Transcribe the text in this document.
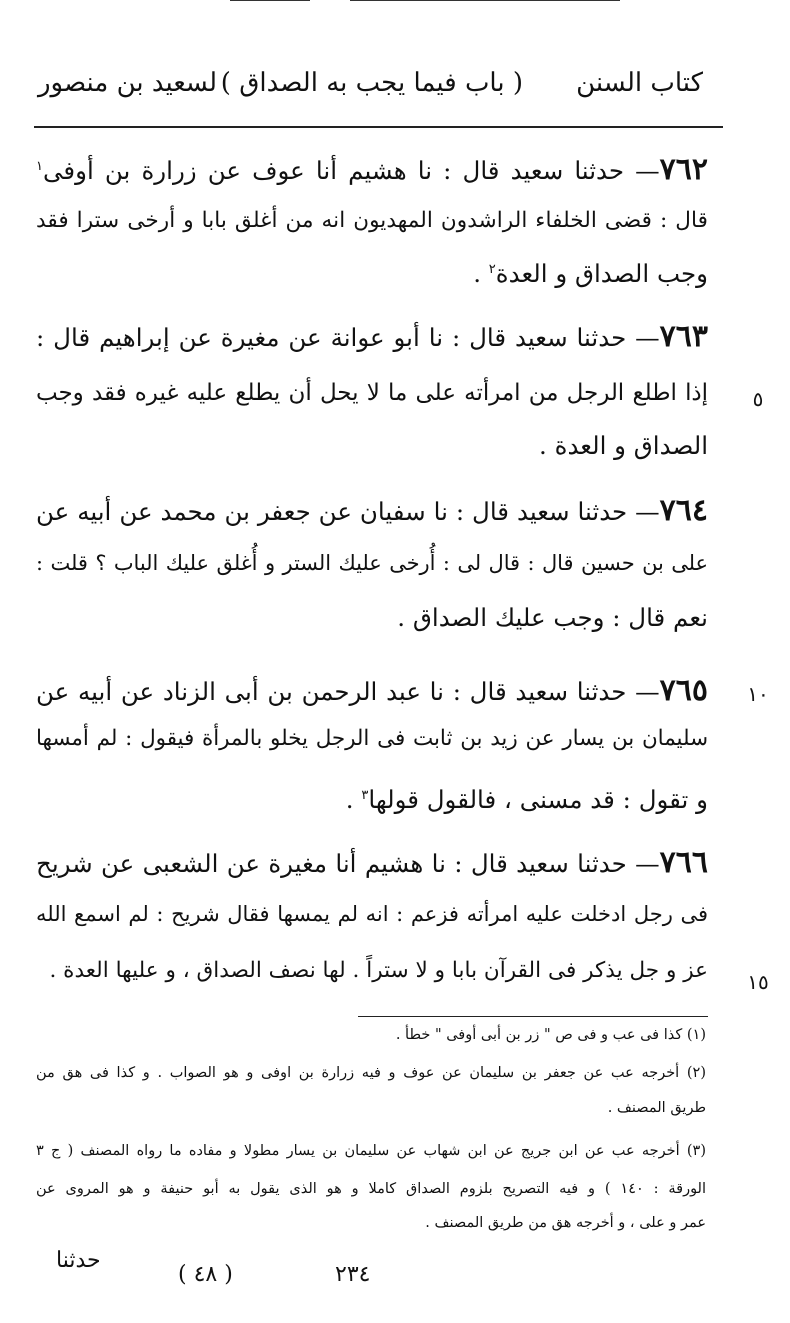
كتاب السنن
( باب فيما يجب به الصداق )
لسعيد بن منصور
٧٦٢— حدثنا سعيد قال : نا هشيم أنا عوف عن زرارة بن أوفى$^١$
قال : قضى الخلفاء الراشدون المهديون انه من أغلق بابا و أرخى سترا فقد
وجب الصداق و العدة$^٢$ .
٧٦٣— حدثنا سعيد قال : نا أبو عوانة عن مغيرة عن إبراهيم قال :
إذا اطلع الرجل من امرأته على ما لا يحل أن يطلع عليه غيره فقد وجب
الصداق و العدة .
٧٦٤— حدثنا سعيد قال : نا سفيان عن جعفر بن محمد عن أبيه عن
على بن حسين قال : قال لى : أُرخى عليك الستر و أُغلق عليك الباب ؟ قلت :
نعم قال : وجب عليك الصداق .
٧٦٥— حدثنا سعيد قال : نا عبد الرحمن بن أبى الزناد عن أبيه عن
سليمان بن يسار عن زيد بن ثابت فى الرجل يخلو بالمرأة فيقول : لم أمسها
و تقول : قد مسنى ، فالقول قولها$^٣$ .
٧٦٦— حدثنا سعيد قال : نا هشيم أنا مغيرة عن الشعبى عن شريح
فى رجل ادخلت عليه امرأته فزعم : انه لم يمسها فقال شريح : لم اسمع الله
عز و جل يذكر فى القرآن بابا و لا ستراً . لها نصف الصداق ، و عليها العدة .
٥
١٠
١٥
(١) كذا فى عب و فى ص " زر بن أبى أوفى " خطأ .
(٢) أخرجه عب عن جعفر بن سليمان عن عوف و فيه زرارة بن اوفى و هو الصواب . و كذا فى هق من
طريق المصنف .
(٣) أخرجه عب عن ابن جريج عن ابن شهاب عن سليمان بن يسار مطولا و مفاده ما رواه المصنف ( ج ٣
الورقة : ١٤٠ ) و فيه التصريح بلزوم الصداق كاملا و هو الذى يقول به أبو حنيفة و هو المروى عن
عمر و على ، و أخرجه هق من طريق المصنف .
٢٣٤
( ٤٨ )
حدثنا
